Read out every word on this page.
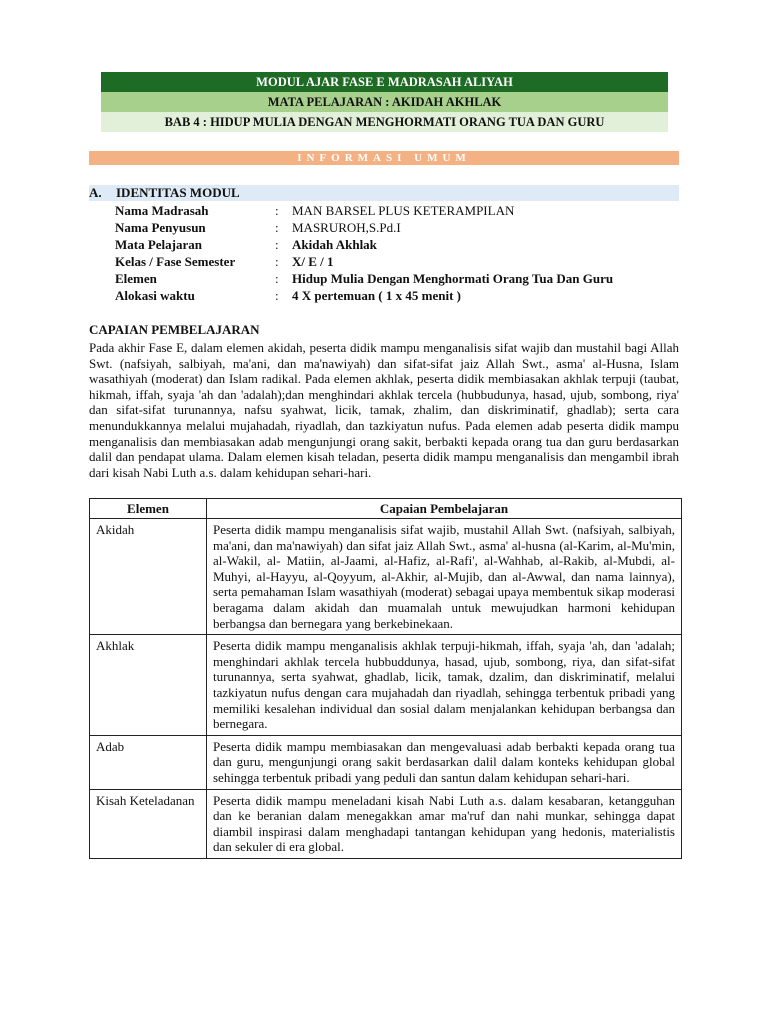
MODUL AJAR FASE E MADRASAH ALIYAH
MATA PELAJARAN : AKIDAH AKHLAK
BAB 4 : HIDUP MULIA DENGAN MENGHORMATI ORANG TUA DAN GURU
INFORMASI UMUM
A. IDENTITAS MODUL
Nama Madrasah	:	MAN BARSEL PLUS KETERAMPILAN
Nama Penyusun	:	MASRUROH,S.Pd.I
Mata Pelajaran	:	Akidah Akhlak
Kelas / Fase Semester	:	X/ E / 1
Elemen	:	Hidup Mulia Dengan Menghormati Orang Tua Dan Guru
Alokasi waktu	:	4 X pertemuan ( 1 x 45 menit )
CAPAIAN PEMBELAJARAN

Pada akhir Fase E, dalam elemen akidah, peserta didik mampu menganalisis sifat wajib dan mustahil bagi Allah Swt. (nafsiyah, salbiyah, ma'ani, dan ma'nawiyah) dan sifat-sifat jaiz Allah Swt., asma' al-Husna, Islam wasathiyah (moderat) dan Islam radikal. Pada elemen akhlak, peserta didik membiasakan akhlak terpuji (taubat, hikmah, iffah, syaja 'ah dan 'adalah);dan menghindari akhlak tercela (hubbudunya, hasad, ujub, sombong, riya' dan sifat-sifat turunannya, nafsu syahwat, licik, tamak, zhalim, dan diskriminatif, ghadlab); serta cara menundukkannya melalui mujahadah, riyadlah, dan tazkiyatun nufus. Pada elemen adab peserta didik mampu menganalisis dan membiasakan adab mengunjungi orang sakit, berbakti kepada orang tua dan guru berdasarkan dalil dan pendapat ulama. Dalam elemen kisah teladan, peserta didik mampu menganalisis dan mengambil ibrah dari kisah Nabi Luth a.s. dalam kehidupan sehari-hari.

Elemen	Capaian Pembelajaran
Akidah	Peserta didik mampu menganalisis sifat wajib, mustahil Allah Swt. (nafsiyah, salbiyah, ma'ani, dan ma'nawiyah) dan sifat jaiz Allah Swt., asma' al-husna (al-Karim, al-Mu'min, al-Wakil, al- Matiin, al-Jaami, al-Hafiz, al-Rafi', al-Wahhab, al-Rakib, al-Mubdi, al-Muhyi, al-Hayyu, al-Qoyyum, al-Akhir, al-Mujib, dan al-Awwal, dan nama lainnya), serta pemahaman Islam wasathiyah (moderat) sebagai upaya membentuk sikap moderasi beragama dalam akidah dan muamalah untuk mewujudkan harmoni kehidupan berbangsa dan bernegara yang berkebinekaan.
Akhlak	Peserta didik mampu menganalisis akhlak terpuji-hikmah, iffah, syaja 'ah, dan 'adalah; menghindari akhlak tercela hubbuddunya, hasad, ujub, sombong, riya, dan sifat-sifat turunannya, serta syahwat, ghadlab, licik, tamak, dzalim, dan diskriminatif, melalui tazkiyatun nufus dengan cara mujahadah dan riyadlah, sehingga terbentuk pribadi yang memiliki kesalehan individual dan sosial dalam menjalankan kehidupan berbangsa dan bernegara.
Adab	Peserta didik mampu membiasakan dan mengevaluasi adab berbakti kepada orang tua dan guru, mengunjungi orang sakit berdasarkan dalil dalam konteks kehidupan global sehingga terbentuk pribadi yang peduli dan santun dalam kehidupan sehari-hari.
Kisah Keteladanan	Peserta didik mampu meneladani kisah Nabi Luth a.s. dalam kesabaran, ketangguhan dan ke beranian dalam menegakkan amar ma'ruf dan nahi munkar, sehingga dapat diambil inspirasi dalam menghadapi tantangan kehidupan yang hedonis, materialistis dan sekuler di era global.
